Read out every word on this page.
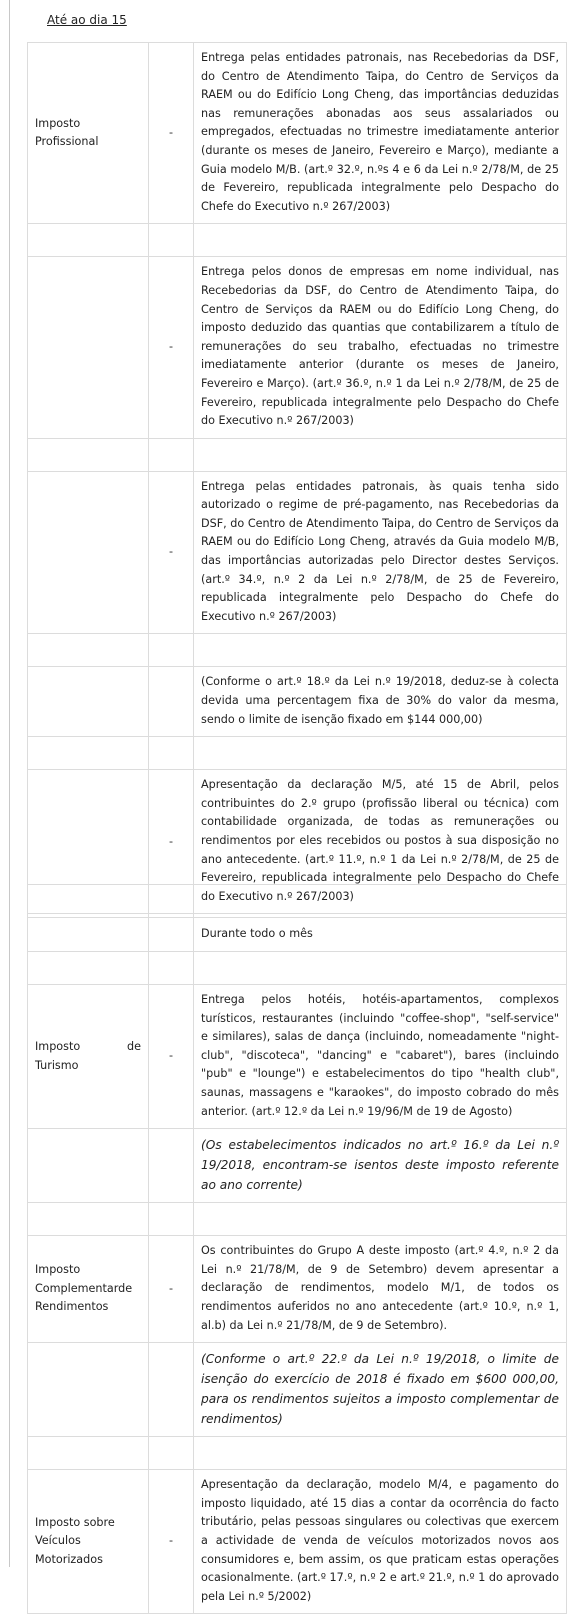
Até ao dia 15
Imposto Profissional	-	Entrega pelas entidades patronais, nas Recebedorias da DSF, do Centro de Atendimento Taipa, do Centro de Serviços da RAEM ou do Edifício Long Cheng, das importâncias deduzidas nas remunerações abonadas aos seus assalariados ou empregados, efectuadas no trimestre imediatamente anterior (durante os meses de Janeiro, Fevereiro e Março), mediante a Guia modelo M/B. (art.º 32.º, n.ºs 4 e 6 da Lei n.º 2/78/M, de 25 de Fevereiro, republicada integralmente pelo Despacho do Chefe do Executivo n.º 267/2003)

	-	Entrega pelos donos de empresas em nome individual, nas Recebedorias da DSF, do Centro de Atendimento Taipa, do Centro de Serviços da RAEM ou do Edifício Long Cheng, do imposto deduzido das quantias que contabilizarem a título de remunerações do seu trabalho, efectuadas no trimestre imediatamente anterior (durante os meses de Janeiro, Fevereiro e Março). (art.º 36.º, n.º 1 da Lei n.º 2/78/M, de 25 de Fevereiro, republicada integralmente pelo Despacho do Chefe do Executivo n.º 267/2003)

	-	Entrega pelas entidades patronais, às quais tenha sido autorizado o regime de pré-pagamento, nas Recebedorias da DSF, do Centro de Atendimento Taipa, do Centro de Serviços da RAEM ou do Edifício Long Cheng, através da Guia modelo M/B, das importâncias autorizadas pelo Director destes Serviços. (art.º 34.º, n.º 2 da Lei n.º 2/78/M, de 25 de Fevereiro, republicada integralmente pelo Despacho do Chefe do Executivo n.º 267/2003)

		(Conforme o art.º 18.º da Lei n.º 19/2018, deduz-se à colecta devida uma percentagem fixa de 30% do valor da mesma, sendo o limite de isenção fixado em $144 000,00)

	-	Apresentação da declaração M/5, até 15 de Abril, pelos contribuintes do 2.º grupo (profissão liberal ou técnica) com contabilidade organizada, de todas as remunerações ou rendimentos por eles recebidos ou postos à sua disposição no ano antecedente. (art.º 11.º, n.º 1 da Lei n.º 2/78/M, de 25 de Fevereiro, republicada integralmente pelo Despacho do Chefe do Executivo n.º 267/2003)

		Durante todo o mês

Imposto de Turismo	-	Entrega pelos hotéis, hotéis-apartamentos, complexos turísticos, restaurantes (incluindo "coffee-shop", "self-service" e similares), salas de dança (incluindo, nomeadamente "night-club", "discoteca", "dancing" e "cabaret"), bares (incluindo "pub" e "lounge") e estabelecimentos do tipo "health club", saunas, massagens e "karaokes", do imposto cobrado do mês anterior. (art.º 12.º da Lei n.º 19/96/M de 19 de Agosto)

		(Os estabelecimentos indicados no art.º 16.º da Lei n.º 19/2018, encontram-se isentos deste imposto referente ao ano corrente)

Imposto Complementarde Rendimentos	-	Os contribuintes do Grupo A deste imposto (art.º 4.º, n.º 2 da Lei n.º 21/78/M, de 9 de Setembro) devem apresentar a declaração de rendimentos, modelo M/1, de todos os rendimentos auferidos no ano antecedente (art.º 10.º, n.º 1, al.b) da Lei n.º 21/78/M, de 9 de Setembro).

		(Conforme o art.º 22.º da Lei n.º 19/2018, o limite de isenção do exercício de 2018 é fixado em $600 000,00, para os rendimentos sujeitos a imposto complementar de rendimentos)

Imposto sobre Veículos Motorizados	-	Apresentação da declaração, modelo M/4, e pagamento do imposto liquidado, até 15 dias a contar da ocorrência do facto tributário, pelas pessoas singulares ou colectivas que exercem a actividade de venda de veículos motorizados novos aos consumidores e, bem assim, os que praticam estas operações ocasionalmente. (art.º 17.º, n.º 2 e art.º 21.º, n.º 1 do aprovado pela Lei n.º 5/2002)
